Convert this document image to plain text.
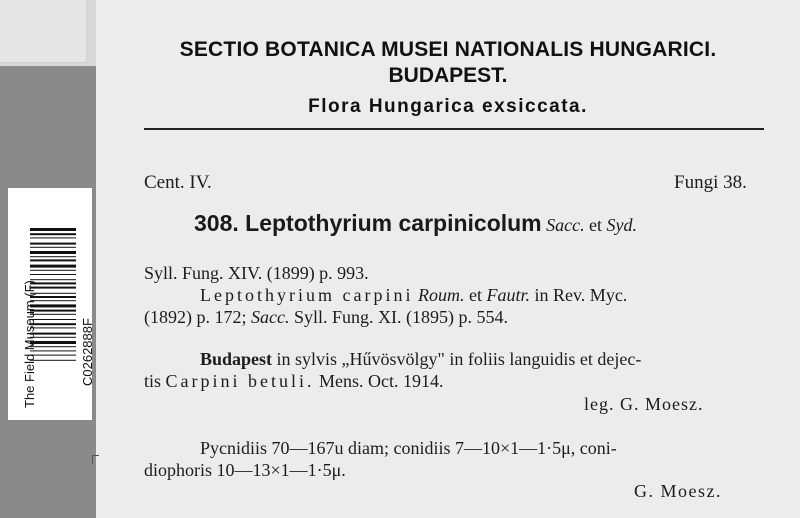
SECTIO BOTANICA MUSEI NATIONALIS HUNGARICI.
BUDAPEST.
Flora Hungarica exsiccata.
Cent. IV.	Fungi 38.
308. Leptothyrium carpinicolum Sacc. et Syd.
Syll. Fung. XIV. (1899) p. 993.
Leptothyrium carpini Roum. et Fautr. in Rev. Myc.
(1892) p. 172; Sacc. Syll. Fung. XI. (1895) p. 554.
Budapest in sylvis „Hűvösvölgy" in foliis languidis et dejec-
tis Carpini betuli. Mens. Oct. 1914.
leg. G. Moesz.
Pycnidiis 70—167u diam; conidiis 7—10×1—1·5μ, coni-
diophoris 10—13×1—1·5μ.
G. Moesz.
The Field Museum (F)	C0262888F
